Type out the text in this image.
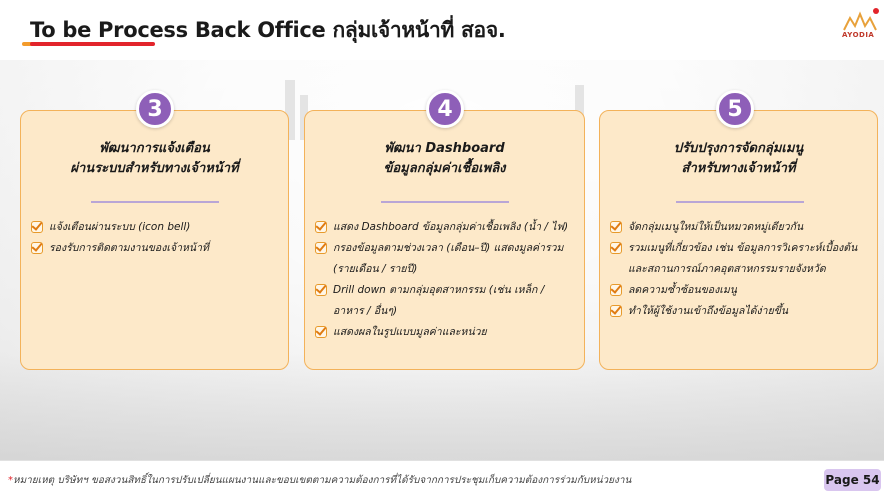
To be Process Back Office กลุ่มเจ้าหน้าที่ สอจ.	AYODIA
พัฒนาการแจ้งเตือน
ผ่านระบบสำหรับทางเจ้าหน้าที่
แจ้งเตือนผ่านระบบ (icon bell)
รองรับการติดตามงานของเจ้าหน้าที่
3
พัฒนา Dashboard
ข้อมูลกลุ่มค่าเชื้อเพลิง
แสดง Dashboard ข้อมูลกลุ่มค่าเชื้อเพลิง (น้ำ / ไฟ)
กรองข้อมูลตามช่วงเวลา (เดือน–ปี) แสดงมูลค่ารวม (รายเดือน / รายปี)
Drill down ตามกลุ่มอุตสาหกรรม (เช่น เหล็ก / อาหาร / อื่นๆ)
แสดงผลในรูปแบบมูลค่าและหน่วย
4
ปรับปรุงการจัดกลุ่มเมนู
สำหรับทางเจ้าหน้าที่
จัดกลุ่มเมนูใหม่ให้เป็นหมวดหมู่เดียวกัน
รวมเมนูที่เกี่ยวข้อง เช่น ข้อมูลการวิเคราะห์เบื้องต้น และสถานการณ์ภาคอุตสาหกรรมรายจังหวัด
ลดความซ้ำซ้อนของเมนู
ทำให้ผู้ใช้งานเข้าถึงข้อมูลได้ง่ายขึ้น
5
*หมายเหตุ บริษัทฯ ขอสงวนสิทธิ์ในการปรับเปลี่ยนแผนงานและขอบเขตตามความต้องการที่ได้รับจากการประชุมเก็บความต้องการร่วมกับหน่วยงาน	Page 54
